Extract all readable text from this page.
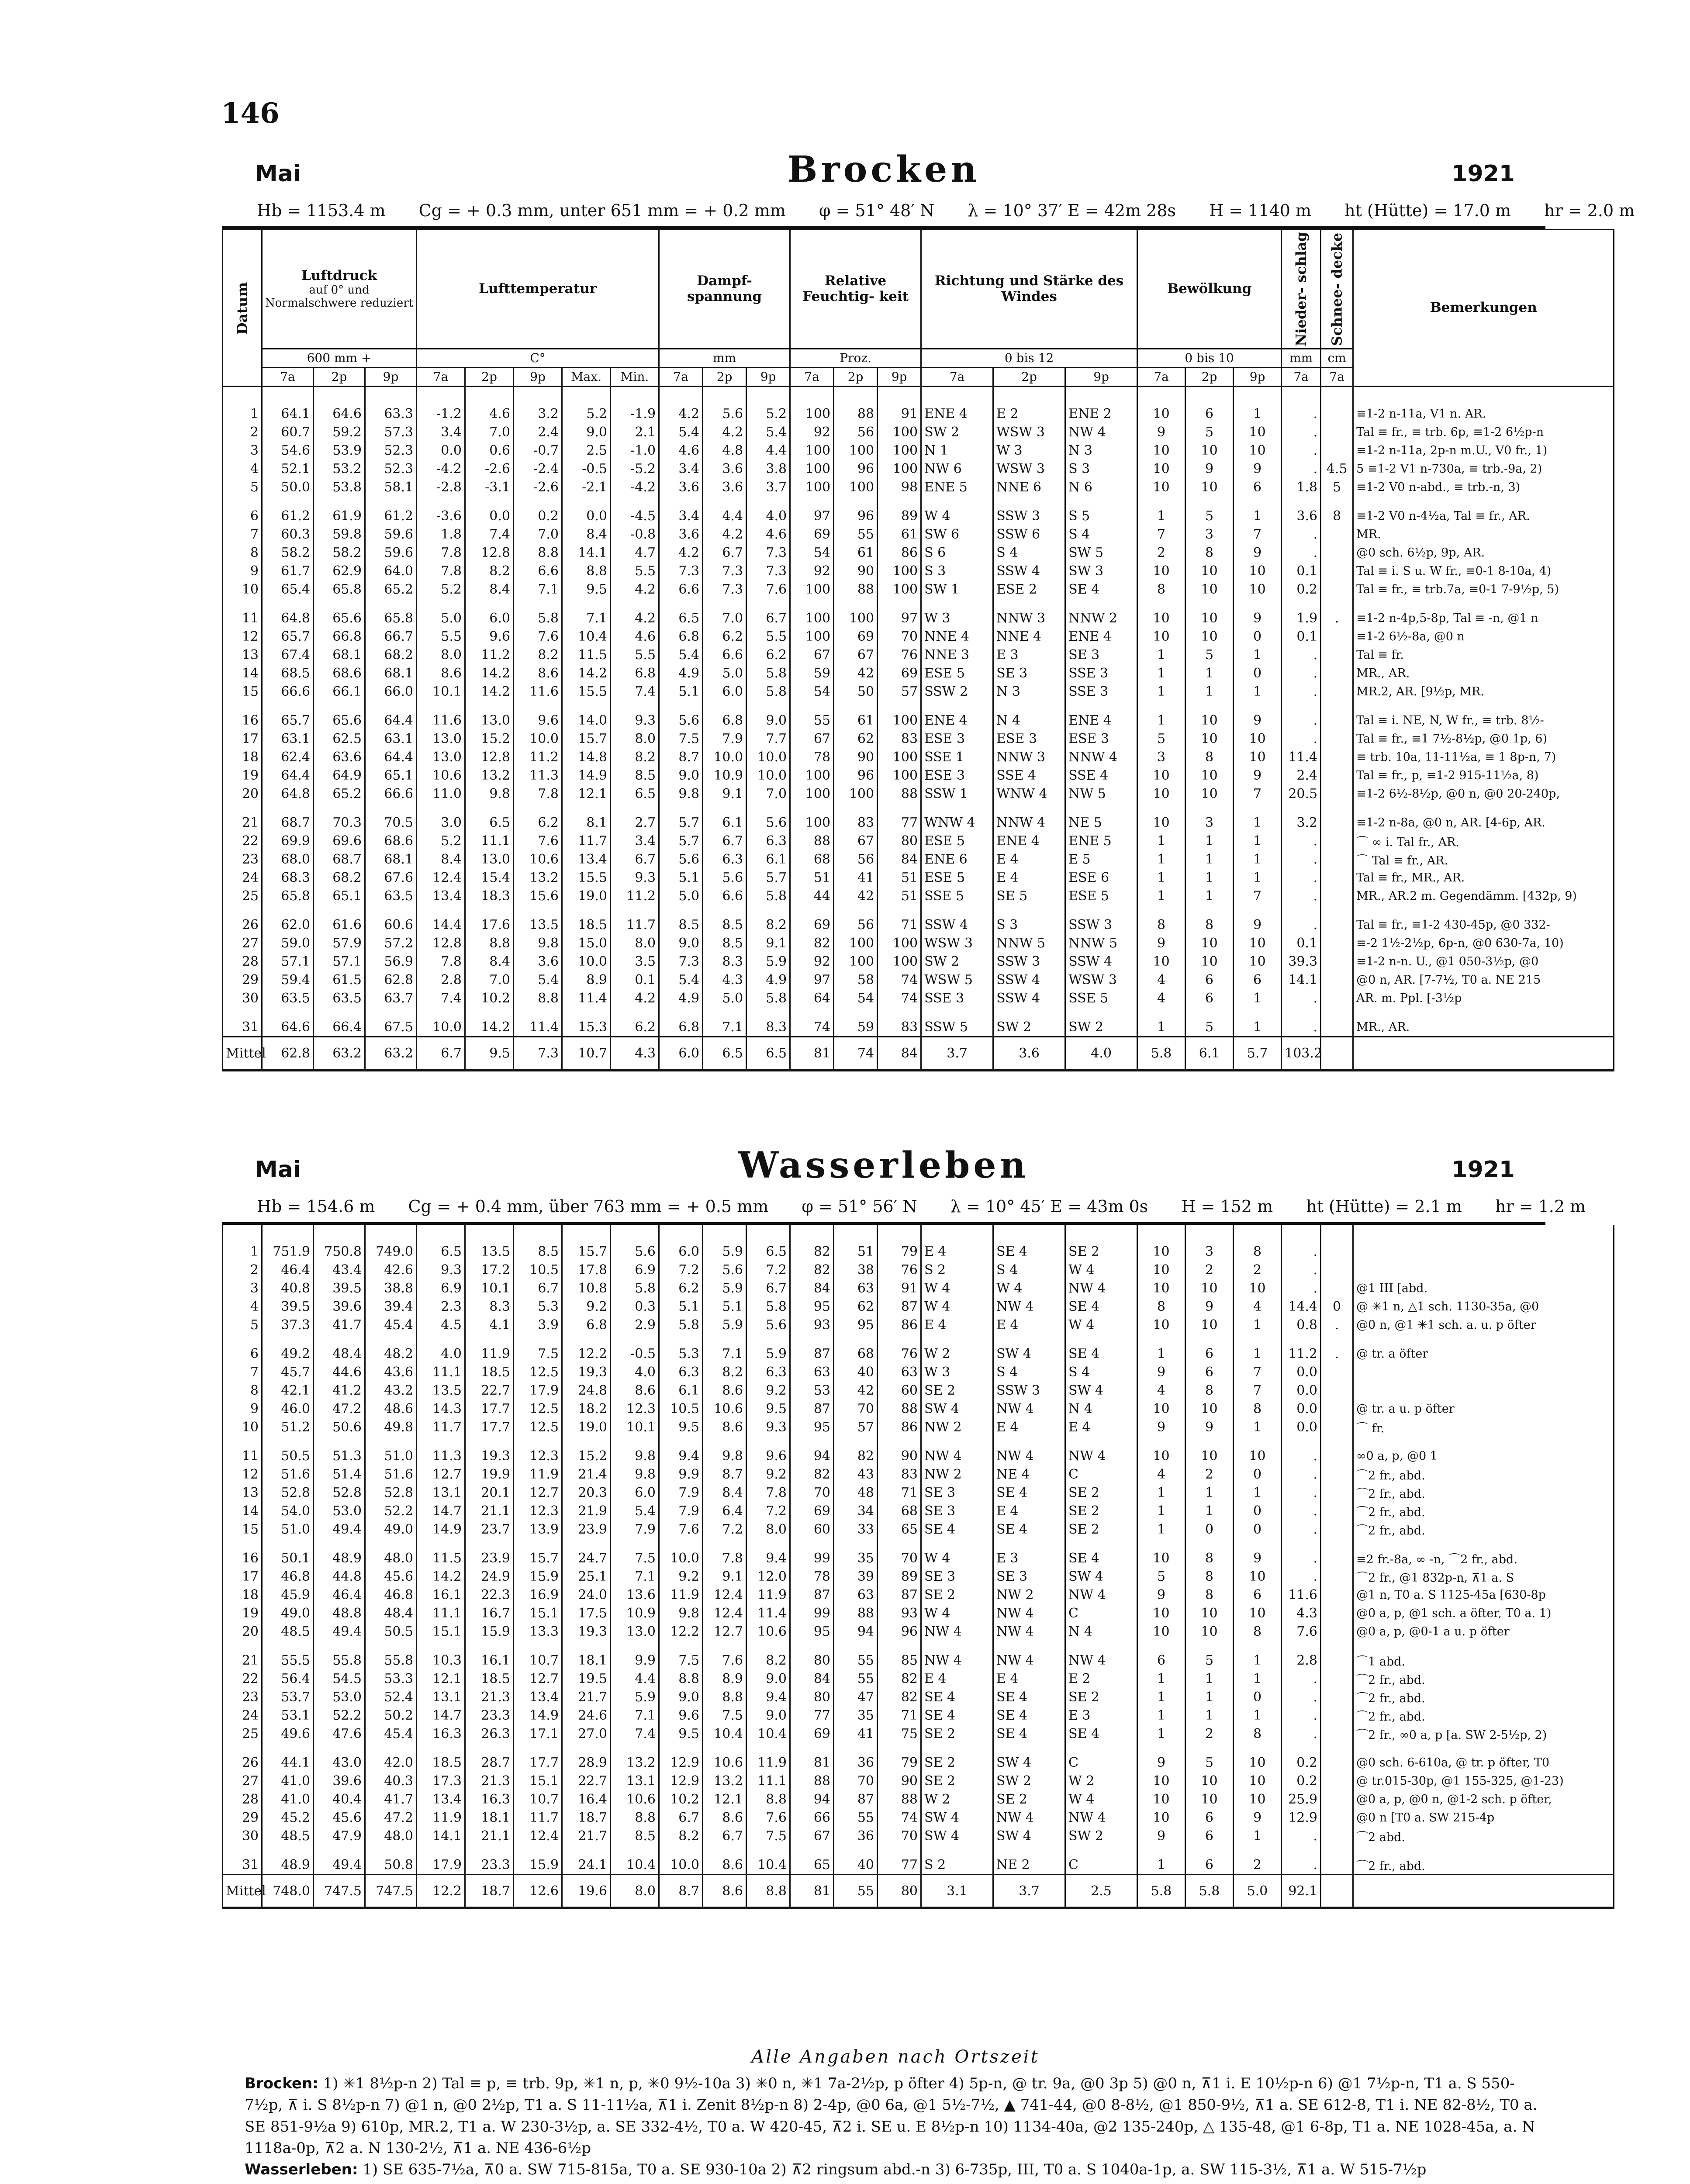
146
Mai	Brocken	1921
Hb = 1153.4 m Cg = + 0.3 mm, unter 651 mm = + 0.2 mm φ = 51° 48′ N λ = 10° 37′ E = 42m 28s H = 1140 m ht (Hütte) = 17.0 m hr = 2.0 m
Datum	Luftdruck
auf 0° und Normalschwere reduziert			Lufttemperatur					Dampf- spannung			Relative Feuchtig- keit			Richtung und Stärke des Windes			Bewölkung			Nieder- schlag	Schnee- decke	Bemerkungen
	600 mm +			C°					mm			Proz.			0 bis 12			0 bis 10			mm	cm	
	7a	2p	9p	7a	2p	9p	Max.	Min.	7a	2p	9p	7a	2p	9p	7a	2p	9p	7a	2p	9p	7a	7a	
1	64.1	64.6	63.3	-1.2	4.6	3.2	5.2	-1.9	4.2	5.6	5.2	100	88	91	ENE 4	E 2	ENE 2	10	6	1	.		≡1-2 n-11a, V1 n. AR.
2	60.7	59.2	57.3	3.4	7.0	2.4	9.0	2.1	5.4	4.2	5.4	92	56	100	SW 2	WSW 3	NW 4	9	5	10	.		Tal ≡ fr., ≡ trb. 6p, ≡1-2 6½p-n
3	54.6	53.9	52.3	0.0	0.6	-0.7	2.5	-1.0	4.6	4.8	4.4	100	100	100	N 1	W 3	N 3	10	10	10	.		≡1-2 n-11a, 2p-n m.U., V0 fr., 1)
4	52.1	53.2	52.3	-4.2	-2.6	-2.4	-0.5	-5.2	3.4	3.6	3.8	100	96	100	NW 6	WSW 3	S 3	10	9	9	.	4.5	5 ≡1-2 V1 n-730a, ≡ trb.-9a, 2)
5	50.0	53.8	58.1	-2.8	-3.1	-2.6	-2.1	-4.2	3.6	3.6	3.7	100	100	98	ENE 5	NNE 6	N 6	10	10	6	1.8	5	≡1-2 V0 n-abd., ≡ trb.-n, 3)
6	61.2	61.9	61.2	-3.6	0.0	0.2	0.0	-4.5	3.4	4.4	4.0	97	96	89	W 4	SSW 3	S 5	1	5	1	3.6	8	≡1-2 V0 n-4½a, Tal ≡ fr., AR.
7	60.3	59.8	59.6	1.8	7.4	7.0	8.4	-0.8	3.6	4.2	4.6	69	55	61	SW 6	SSW 6	S 4	7	3	7	.		MR.
8	58.2	58.2	59.6	7.8	12.8	8.8	14.1	4.7	4.2	6.7	7.3	54	61	86	S 6	S 4	SW 5	2	8	9	.		@0 sch. 6½p, 9p, AR.
9	61.7	62.9	64.0	7.8	8.2	6.6	8.8	5.5	7.3	7.3	7.3	92	90	100	S 3	SSW 4	SW 3	10	10	10	0.1		Tal ≡ i. S u. W fr., ≡0-1 8-10a, 4)
10	65.4	65.8	65.2	5.2	8.4	7.1	9.5	4.2	6.6	7.3	7.6	100	88	100	SW 1	ESE 2	SE 4	8	10	10	0.2		Tal ≡ fr., ≡ trb.7a, ≡0-1 7-9½p, 5)
11	64.8	65.6	65.8	5.0	6.0	5.8	7.1	4.2	6.5	7.0	6.7	100	100	97	W 3	NNW 3	NNW 2	10	10	9	1.9	.	≡1-2 n-4p,5-8p, Tal ≡ -n, @1 n
12	65.7	66.8	66.7	5.5	9.6	7.6	10.4	4.6	6.8	6.2	5.5	100	69	70	NNE 4	NNE 4	ENE 4	10	10	0	0.1		≡1-2 6½-8a, @0 n
13	67.4	68.1	68.2	8.0	11.2	8.2	11.5	5.5	5.4	6.6	6.2	67	67	76	NNE 3	E 3	SE 3	1	5	1	.		Tal ≡ fr.
14	68.5	68.6	68.1	8.6	14.2	8.6	14.2	6.8	4.9	5.0	5.8	59	42	69	ESE 5	SE 3	SSE 3	1	1	0	.		MR., AR.
15	66.6	66.1	66.0	10.1	14.2	11.6	15.5	7.4	5.1	6.0	5.8	54	50	57	SSW 2	N 3	SSE 3	1	1	1	.		MR.2, AR. [9½p, MR.
16	65.7	65.6	64.4	11.6	13.0	9.6	14.0	9.3	5.6	6.8	9.0	55	61	100	ENE 4	N 4	ENE 4	1	10	9	.		Tal ≡ i. NE, N, W fr., ≡ trb. 8½-
17	63.1	62.5	63.1	13.0	15.2	10.0	15.7	8.0	7.5	7.9	7.7	67	62	83	ESE 3	ESE 3	ESE 3	5	10	10	.		Tal ≡ fr., ≡1 7½-8½p, @0 1p, 6)
18	62.4	63.6	64.4	13.0	12.8	11.2	14.8	8.2	8.7	10.0	10.0	78	90	100	SSE 1	NNW 3	NNW 4	3	8	10	11.4		≡ trb. 10a, 11-11½a, ≡ 1 8p-n, 7)
19	64.4	64.9	65.1	10.6	13.2	11.3	14.9	8.5	9.0	10.9	10.0	100	96	100	ESE 3	SSE 4	SSE 4	10	10	9	2.4		Tal ≡ fr., p, ≡1-2 915-11½a, 8)
20	64.8	65.2	66.6	11.0	9.8	7.8	12.1	6.5	9.8	9.1	7.0	100	100	88	SSW 1	WNW 4	NW 5	10	10	7	20.5		≡1-2 6½-8½p, @0 n, @0 20-240p,
21	68.7	70.3	70.5	3.0	6.5	6.2	8.1	2.7	5.7	6.1	5.6	100	83	77	WNW 4	NNW 4	NE 5	10	3	1	3.2		≡1-2 n-8a, @0 n, AR. [4-6p, AR.
22	69.9	69.6	68.6	5.2	11.1	7.6	11.7	3.4	5.7	6.7	6.3	88	67	80	ESE 5	ENE 4	ENE 5	1	1	1	.		⌒ ∞ i. Tal fr., AR.
23	68.0	68.7	68.1	8.4	13.0	10.6	13.4	6.7	5.6	6.3	6.1	68	56	84	ENE 6	E 4	E 5	1	1	1	.		⌒ Tal ≡ fr., AR.
24	68.3	68.2	67.6	12.4	15.4	13.2	15.5	9.3	5.1	5.6	5.7	51	41	51	ESE 5	E 4	ESE 6	1	1	1	.		Tal ≡ fr., MR., AR.
25	65.8	65.1	63.5	13.4	18.3	15.6	19.0	11.2	5.0	6.6	5.8	44	42	51	SSE 5	SE 5	ESE 5	1	1	7	.		MR., AR.2 m. Gegendämm. [432p, 9)
26	62.0	61.6	60.6	14.4	17.6	13.5	18.5	11.7	8.5	8.5	8.2	69	56	71	SSW 4	S 3	SSW 3	8	8	9	.		Tal ≡ fr., ≡1-2 430-45p, @0 332-
27	59.0	57.9	57.2	12.8	8.8	9.8	15.0	8.0	9.0	8.5	9.1	82	100	100	WSW 3	NNW 5	NNW 5	9	10	10	0.1		≡-2 1½-2½p, 6p-n, @0 630-7a, 10)
28	57.1	57.1	56.9	7.8	8.4	3.6	10.0	3.5	7.3	8.3	5.9	92	100	100	SW 2	SSW 3	SSW 4	10	10	10	39.3		≡1-2 n-n. U., @1 050-3½p, @0
29	59.4	61.5	62.8	2.8	7.0	5.4	8.9	0.1	5.4	4.3	4.9	97	58	74	WSW 5	SSW 4	WSW 3	4	6	6	14.1		@0 n, AR. [7-7½, T0 a. NE 215
30	63.5	63.5	63.7	7.4	10.2	8.8	11.4	4.2	4.9	5.0	5.8	64	54	74	SSE 3	SSW 4	SSE 5	4	6	1	.		AR. m. Ppl. [-3½p
31	64.6	66.4	67.5	10.0	14.2	11.4	15.3	6.2	6.8	7.1	8.3	74	59	83	SSW 5	SW 2	SW 2	1	5	1	.		MR., AR.
Mittel	62.8	63.2	63.2	6.7	9.5	7.3	10.7	4.3	6.0	6.5	6.5	81	74	84	3.7	3.6	4.0	5.8	6.1	5.7	103.2		
Mai	Wasserleben	1921
Hb = 154.6 m Cg = + 0.4 mm, über 763 mm = + 0.5 mm φ = 51° 56′ N λ = 10° 45′ E = 43m 0s H = 152 m ht (Hütte) = 2.1 m hr = 1.2 m
1	751.9	750.8	749.0	6.5	13.5	8.5	15.7	5.6	6.0	5.9	6.5	82	51	79	E 4	SE 4	SE 2	10	3	8	.		
2	46.4	43.4	42.6	9.3	17.2	10.5	17.8	6.9	7.2	5.6	7.2	82	38	76	S 2	S 4	W 4	10	2	2	.		
3	40.8	39.5	38.8	6.9	10.1	6.7	10.8	5.8	6.2	5.9	6.7	84	63	91	W 4	W 4	NW 4	10	10	10	.		@1 III [abd.
4	39.5	39.6	39.4	2.3	8.3	5.3	9.2	0.3	5.1	5.1	5.8	95	62	87	W 4	NW 4	SE 4	8	9	4	14.4	0	@ ✳1 n, △1 sch. 1130-35a, @0
5	37.3	41.7	45.4	4.5	4.1	3.9	6.8	2.9	5.8	5.9	5.6	93	95	86	E 4	E 4	W 4	10	10	1	0.8	.	@0 n, @1 ✳1 sch. a. u. p öfter
6	49.2	48.4	48.2	4.0	11.9	7.5	12.2	-0.5	5.3	7.1	5.9	87	68	76	W 2	SW 4	SE 4	1	6	1	11.2	.	@ tr. a öfter
7	45.7	44.6	43.6	11.1	18.5	12.5	19.3	4.0	6.3	8.2	6.3	63	40	63	W 3	S 4	S 4	9	6	7	0.0		
8	42.1	41.2	43.2	13.5	22.7	17.9	24.8	8.6	6.1	8.6	9.2	53	42	60	SE 2	SSW 3	SW 4	4	8	7	0.0		
9	46.0	47.2	48.6	14.3	17.7	12.5	18.2	12.3	10.5	10.6	9.5	87	70	88	SW 4	NW 4	N 4	10	10	8	0.0		@ tr. a u. p öfter
10	51.2	50.6	49.8	11.7	17.7	12.5	19.0	10.1	9.5	8.6	9.3	95	57	86	NW 2	E 4	E 4	9	9	1	0.0		⌒ fr.
11	50.5	51.3	51.0	11.3	19.3	12.3	15.2	9.8	9.4	9.8	9.6	94	82	90	NW 4	NW 4	NW 4	10	10	10	.		∞0 a, p, @0 1
12	51.6	51.4	51.6	12.7	19.9	11.9	21.4	9.8	9.9	8.7	9.2	82	43	83	NW 2	NE 4	C	4	2	0	.		⌒2 fr., abd.
13	52.8	52.8	52.8	13.1	20.1	12.7	20.3	6.0	7.9	8.4	7.8	70	48	71	SE 3	SE 4	SE 2	1	1	1	.		⌒2 fr., abd.
14	54.0	53.0	52.2	14.7	21.1	12.3	21.9	5.4	7.9	6.4	7.2	69	34	68	SE 3	E 4	SE 2	1	1	0	.		⌒2 fr., abd.
15	51.0	49.4	49.0	14.9	23.7	13.9	23.9	7.9	7.6	7.2	8.0	60	33	65	SE 4	SE 4	SE 2	1	0	0	.		⌒2 fr., abd.
16	50.1	48.9	48.0	11.5	23.9	15.7	24.7	7.5	10.0	7.8	9.4	99	35	70	W 4	E 3	SE 4	10	8	9	.		≡2 fr.-8a, ∞ -n, ⌒2 fr., abd.
17	46.8	44.8	45.6	14.2	24.9	15.9	25.1	7.1	9.2	9.1	12.0	78	39	89	SE 3	SE 3	SW 4	5	8	10	.		⌒2 fr., @1 832p-n, ⊼1 a. S
18	45.9	46.4	46.8	16.1	22.3	16.9	24.0	13.6	11.9	12.4	11.9	87	63	87	SE 2	NW 2	NW 4	9	8	6	11.6		@1 n, T0 a. S 1125-45a [630-8p
19	49.0	48.8	48.4	11.1	16.7	15.1	17.5	10.9	9.8	12.4	11.4	99	88	93	W 4	NW 4	C	10	10	10	4.3		@0 a, p, @1 sch. a öfter, T0 a. 1)
20	48.5	49.4	50.5	15.1	15.9	13.3	19.3	13.0	12.2	12.7	10.6	95	94	96	NW 4	NW 4	N 4	10	10	8	7.6		@0 a, p, @0-1 a u. p öfter
21	55.5	55.8	55.8	10.3	16.1	10.7	18.1	9.9	7.5	7.6	8.2	80	55	85	NW 4	NW 4	NW 4	6	5	1	2.8		⌒1 abd.
22	56.4	54.5	53.3	12.1	18.5	12.7	19.5	4.4	8.8	8.9	9.0	84	55	82	E 4	E 4	E 2	1	1	1	.		⌒2 fr., abd.
23	53.7	53.0	52.4	13.1	21.3	13.4	21.7	5.9	9.0	8.8	9.4	80	47	82	SE 4	SE 4	SE 2	1	1	0	.		⌒2 fr., abd.
24	53.1	52.2	50.2	14.7	23.3	14.9	24.6	7.1	9.6	7.5	9.0	77	35	71	SE 4	SE 4	E 3	1	1	1	.		⌒2 fr., abd.
25	49.6	47.6	45.4	16.3	26.3	17.1	27.0	7.4	9.5	10.4	10.4	69	41	75	SE 2	SE 4	SE 4	1	2	8	.		⌒2 fr., ∞0 a, p [a. SW 2-5½p, 2)
26	44.1	43.0	42.0	18.5	28.7	17.7	28.9	13.2	12.9	10.6	11.9	81	36	79	SE 2	SW 4	C	9	5	10	0.2		@0 sch. 6-610a, @ tr. p öfter, T0
27	41.0	39.6	40.3	17.3	21.3	15.1	22.7	13.1	12.9	13.2	11.1	88	70	90	SE 2	SW 2	W 2	10	10	10	0.2		@ tr.015-30p, @1 155-325, @1-23)
28	41.0	40.4	41.7	13.4	16.3	10.7	16.4	10.6	10.2	12.1	8.8	94	87	88	W 2	SE 2	W 4	10	10	10	25.9		@0 a, p, @0 n, @1-2 sch. p öfter,
29	45.2	45.6	47.2	11.9	18.1	11.7	18.7	8.8	6.7	8.6	7.6	66	55	74	SW 4	NW 4	NW 4	10	6	9	12.9		@0 n [T0 a. SW 215-4p
30	48.5	47.9	48.0	14.1	21.1	12.4	21.7	8.5	8.2	6.7	7.5	67	36	70	SW 4	SW 4	SW 2	9	6	1	.		⌒2 abd.
31	48.9	49.4	50.8	17.9	23.3	15.9	24.1	10.4	10.0	8.6	10.4	65	40	77	S 2	NE 2	C	1	6	2	.		⌒2 fr., abd.
Mittel	748.0	747.5	747.5	12.2	18.7	12.6	19.6	8.0	8.7	8.6	8.8	81	55	80	3.1	3.7	2.5	5.8	5.8	5.0	92.1		
Alle Angaben nach Ortszeit
Brocken: 1) ✳1 8½p-n 2) Tal ≡ p, ≡ trb. 9p, ✳1 n, p, ✳0 9½-10a 3) ✳0 n, ✳1 7a-2½p, p öfter 4) 5p-n, @ tr. 9a, @0 3p 5) @0 n, ⊼1 i. E 10½p-n 6) @1 7½p-n, T1 a. S 550-7½p, ⊼ i. S 8½p-n 7) @1 n, @0 2½p, T1 a. S 11-11½a, ⊼1 i. Zenit 8½p-n 8) 2-4p, @0 6a, @1 5½-7½, ▲ 741-44, @0 8-8½, @1 850-9½, ⊼1 a. SE 612-8, T1 i. NE 82-8½, T0 a. SE 851-9½a 9) 610p, MR.2, T1 a. W 230-3½p, a. SE 332-4½, T0 a. W 420-45, ⊼2 i. SE u. E 8½p-n 10) 1134-40a, @2 135-240p, △ 135-48, @1 6-8p, T1 a. NE 1028-45a, a. N 1118a-0p, ⊼2 a. N 130-2½, ⊼1 a. NE 436-6½p
Wasserleben: 1) SE 635-7½a, ⊼0 a. SW 715-815a, T0 a. SE 930-10a 2) ⊼2 ringsum abd.-n 3) 6-735p, III, T0 a. S 1040a-1p, a. SW 115-3½, ⊼1 a. W 515-7½p
